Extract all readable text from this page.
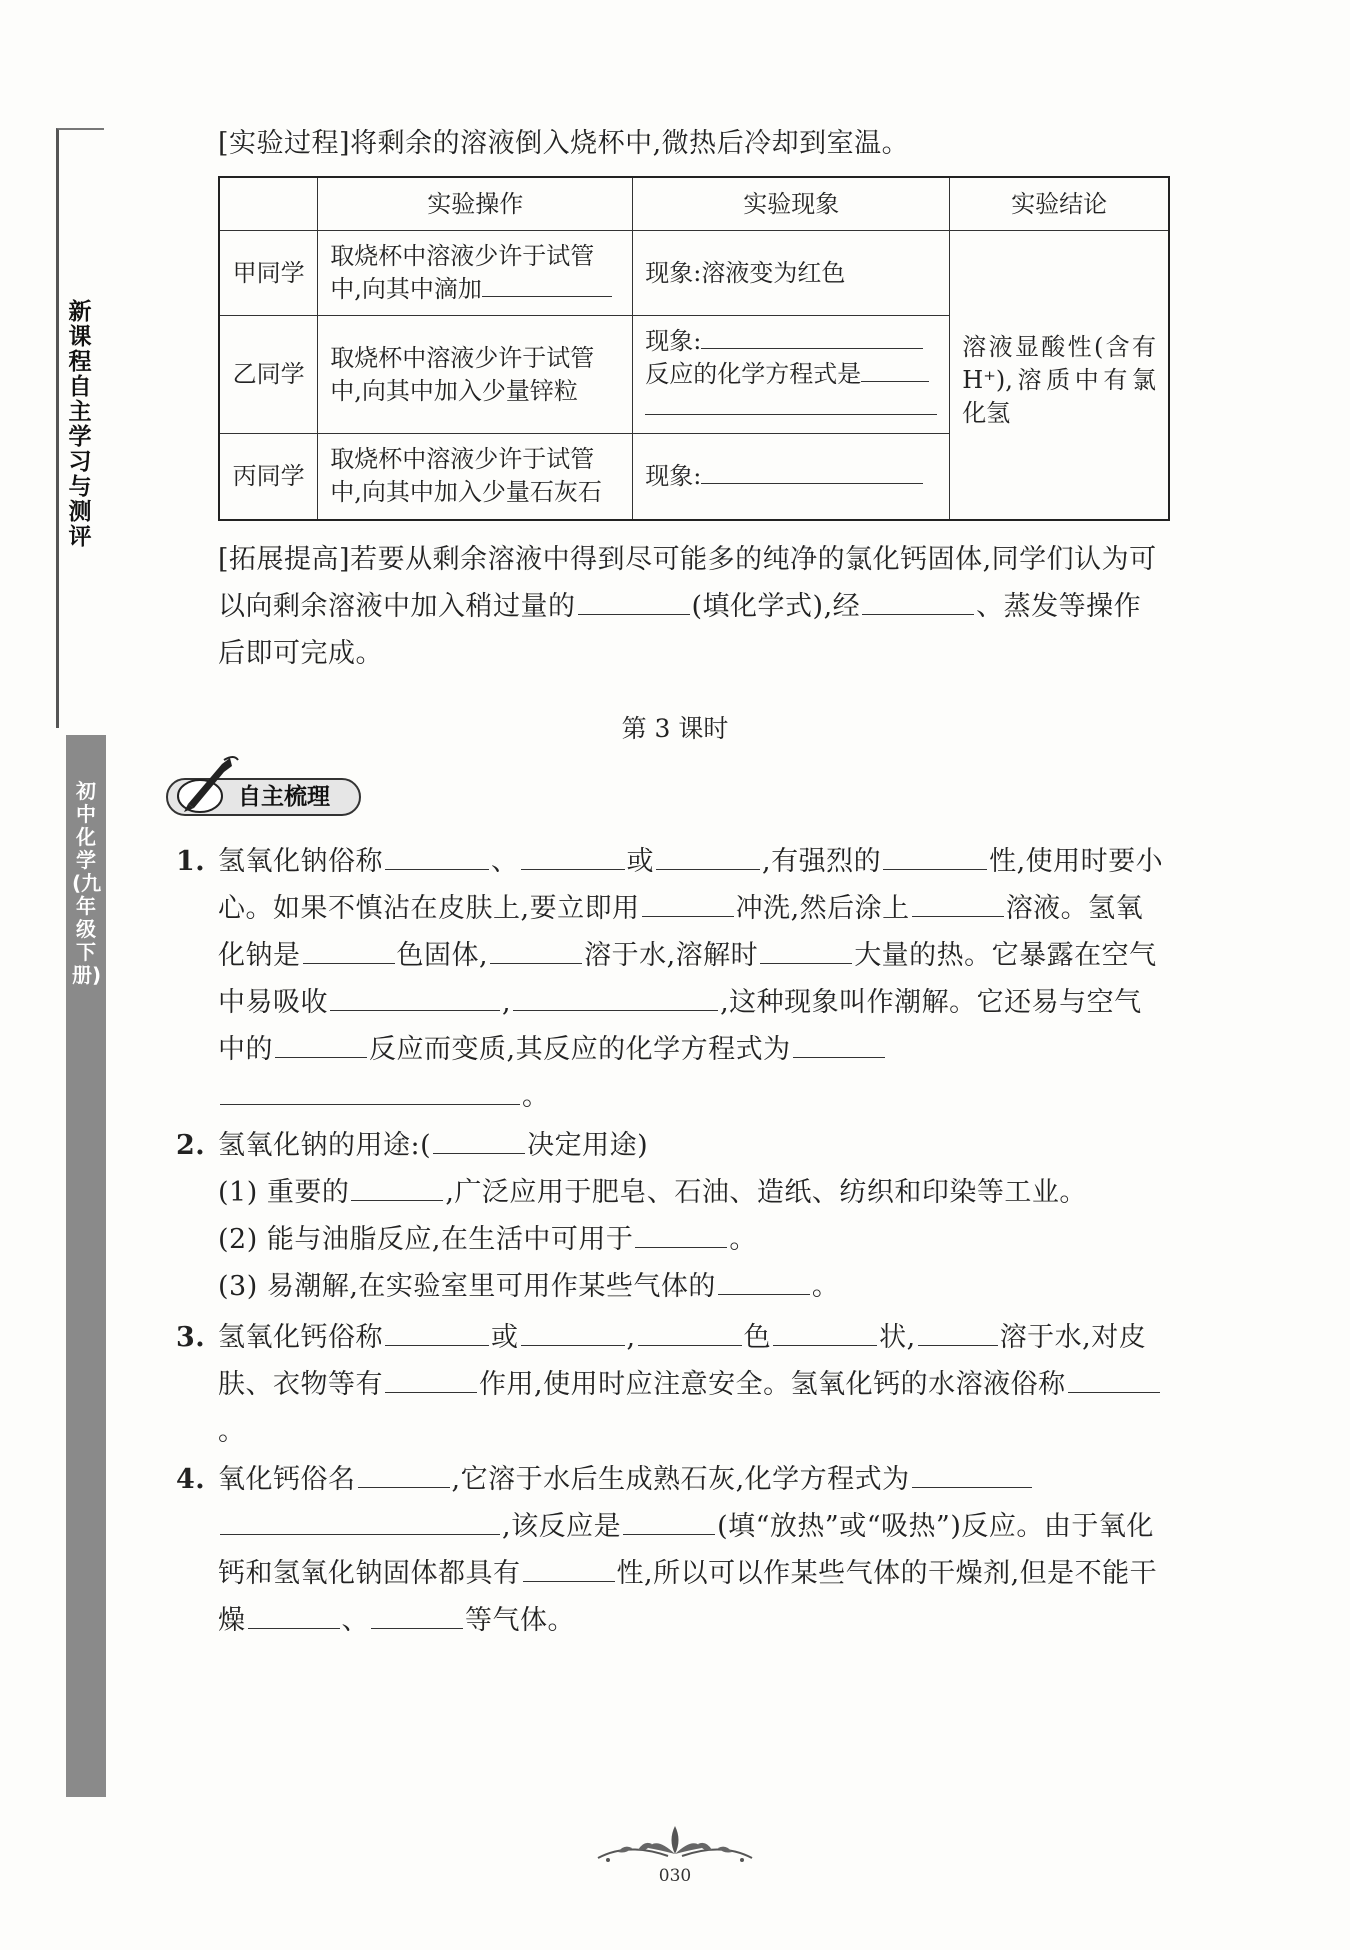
新课程自主学习与测评
初中化学(九年级下册)
[实验过程]将剩余的溶液倒入烧杯中,微热后冷却到室温。
	实验操作	实验现象	实验结论
甲同学	取烧杯中溶液少许于试管中,向其中滴加	现象:溶液变为红色	溶液显酸性(含有H⁺),溶质中有氯化氢
乙同学	取烧杯中溶液少许于试管中,向其中加入少量锌粒	现象:
反应的化学方程式是	

丙同学	取烧杯中溶液少许于试管中,向其中加入少量石灰石	现象:	
[拓展提高]若要从剩余溶液中得到尽可能多的纯净的氯化钙固体,同学们认为可以向剩余溶液中加入稍过量的	(填化学式),经	、蒸发等操作后即可完成。
第 3 课时
自主梳理
1. 氢氧化钠俗称	、	或	,有强烈的	性,使用时要小心。如果不慎沾在皮肤上,要立即用	冲洗,然后涂上	溶液。氢氧化钠是	色固体,	溶于水,溶解时	大量的热。它暴露在空气中易吸收	,	,这种现象叫作潮解。它还易与空气中的	反应而变质,其反应的化学方程式为。
2. 氢氧化钠的用途:(	决定用途)
(1) 重要的	,广泛应用于肥皂、石油、造纸、纺织和印染等工业。
(2) 能与油脂反应,在生活中可用于	。
(3) 易潮解,在实验室里可用作某些气体的	。
3. 氢氧化钙俗称	或	,	色	状,	溶于水,对皮肤、衣物等有	作用,使用时应注意安全。氢氧化钙的水溶液俗称。
4. 氧化钙俗名	,它溶于水后生成熟石灰,化学方程式为,该反应是	(填“放热”或“吸热”)反应。由于氧化钙和氢氧化钠固体都具有	性,所以可以作某些气体的干燥剂,但是不能干燥	、	等气体。
030
